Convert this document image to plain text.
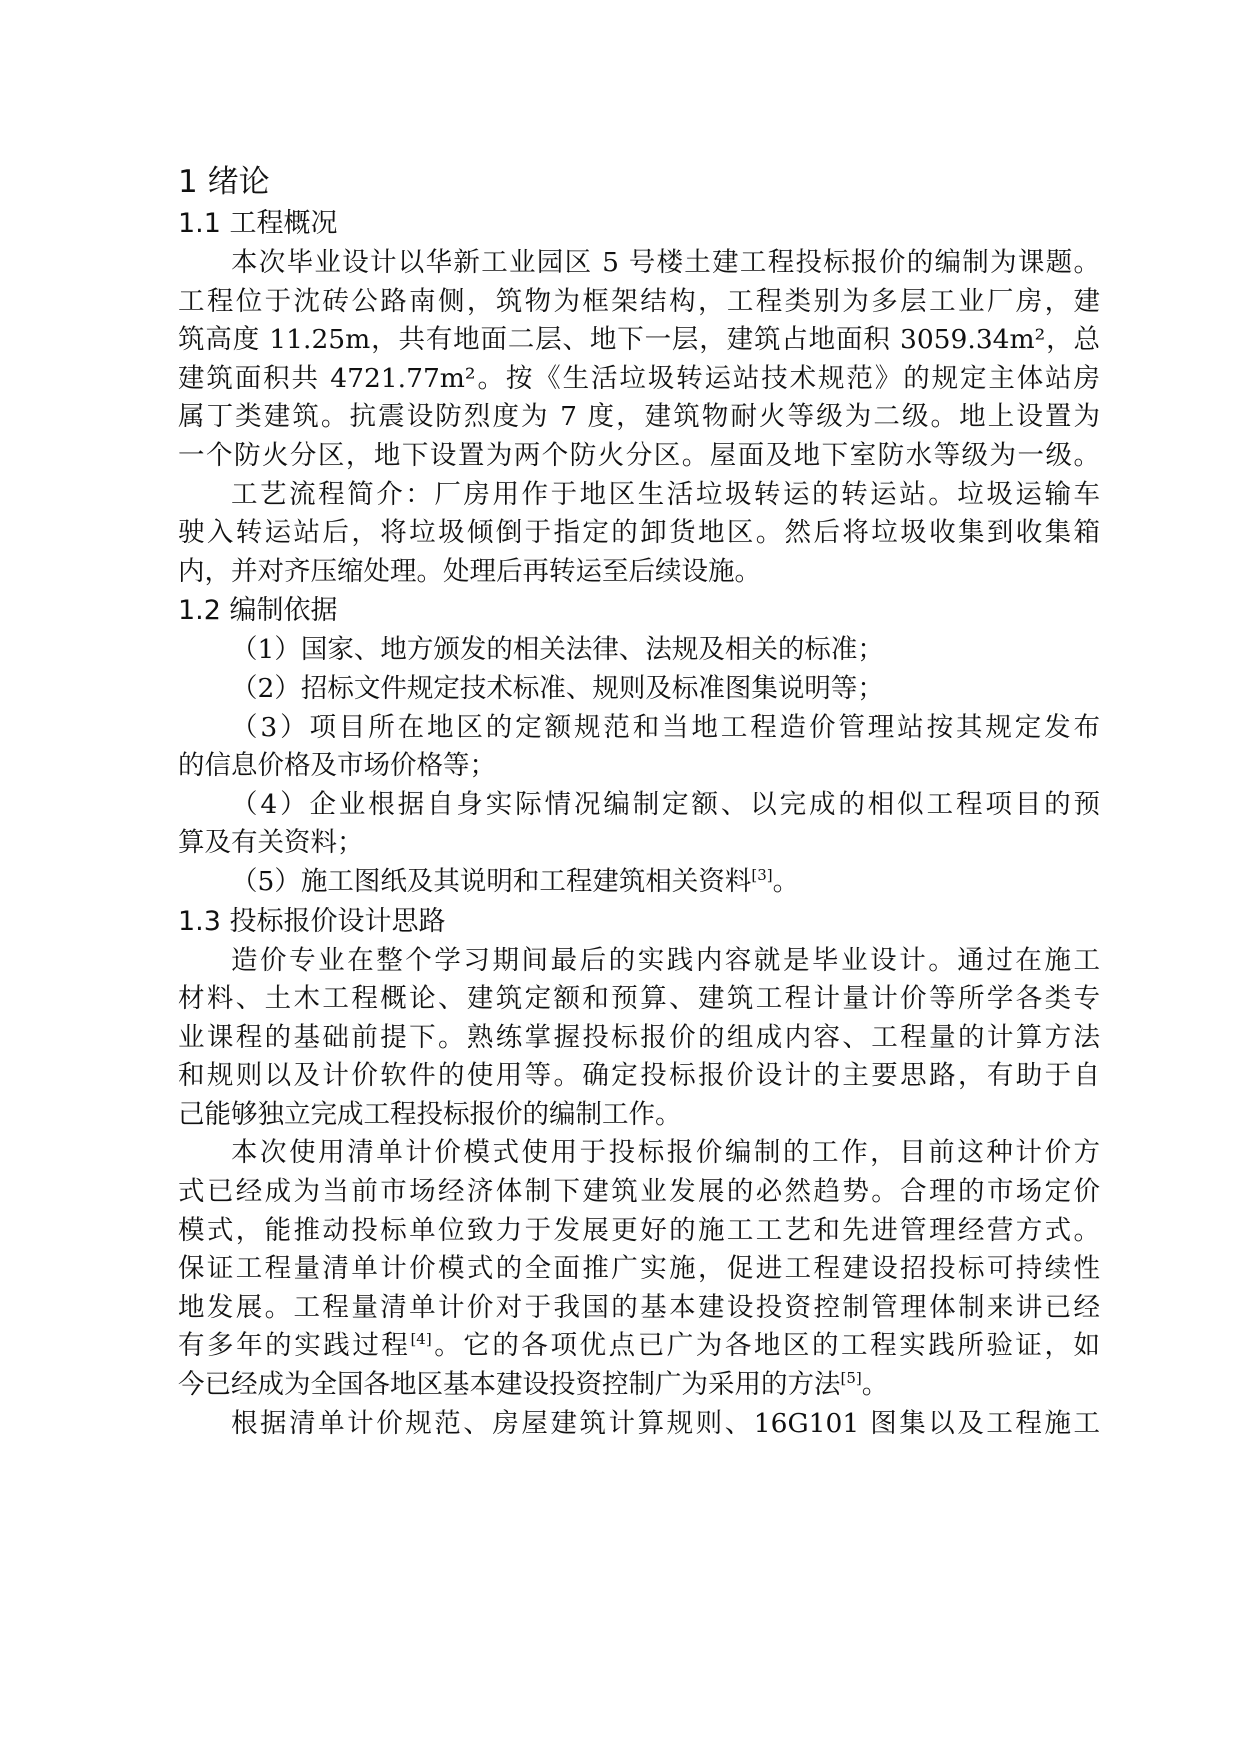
1 绪论
1.1 工程概况
本次毕业设计以华新工业园区 5 号楼土建工程投标报价的编制为课题。
工程位于沈砖公路南侧，筑物为框架结构，工程类别为多层工业厂房，建
筑高度 11.25m，共有地面二层、地下一层，建筑占地面积 3059.34m²，总
建筑面积共 4721.77m²。按《生活垃圾转运站技术规范》的规定主体站房
属丁类建筑。抗震设防烈度为 7 度，建筑物耐火等级为二级。地上设置为
一个防火分区，地下设置为两个防火分区。屋面及地下室防水等级为一级。
工艺流程简介：厂房用作于地区生活垃圾转运的转运站。垃圾运输车
驶入转运站后，将垃圾倾倒于指定的卸货地区。然后将垃圾收集到收集箱
内，并对齐压缩处理。处理后再转运至后续设施。
1.2 编制依据
（1）国家、地方颁发的相关法律、法规及相关的标准；
（2）招标文件规定技术标准、规则及标准图集说明等；
（3）项目所在地区的定额规范和当地工程造价管理站按其规定发布
的信息价格及市场价格等；
（4）企业根据自身实际情况编制定额、以完成的相似工程项目的预
算及有关资料；
（5）施工图纸及其说明和工程建筑相关资料[3]。
1.3 投标报价设计思路
造价专业在整个学习期间最后的实践内容就是毕业设计。通过在施工
材料、土木工程概论、建筑定额和预算、建筑工程计量计价等所学各类专
业课程的基础前提下。熟练掌握投标报价的组成内容、工程量的计算方法
和规则以及计价软件的使用等。确定投标报价设计的主要思路，有助于自
己能够独立完成工程投标报价的编制工作。
本次使用清单计价模式使用于投标报价编制的工作，目前这种计价方
式已经成为当前市场经济体制下建筑业发展的必然趋势。合理的市场定价
模式，能推动投标单位致力于发展更好的施工工艺和先进管理经营方式。
保证工程量清单计价模式的全面推广实施，促进工程建设招投标可持续性
地发展。工程量清单计价对于我国的基本建设投资控制管理体制来讲已经
有多年的实践过程[4]。它的各项优点已广为各地区的工程实践所验证，如
今已经成为全国各地区基本建设投资控制广为采用的方法[5]。
根据清单计价规范、房屋建筑计算规则、16G101 图集以及工程施工
